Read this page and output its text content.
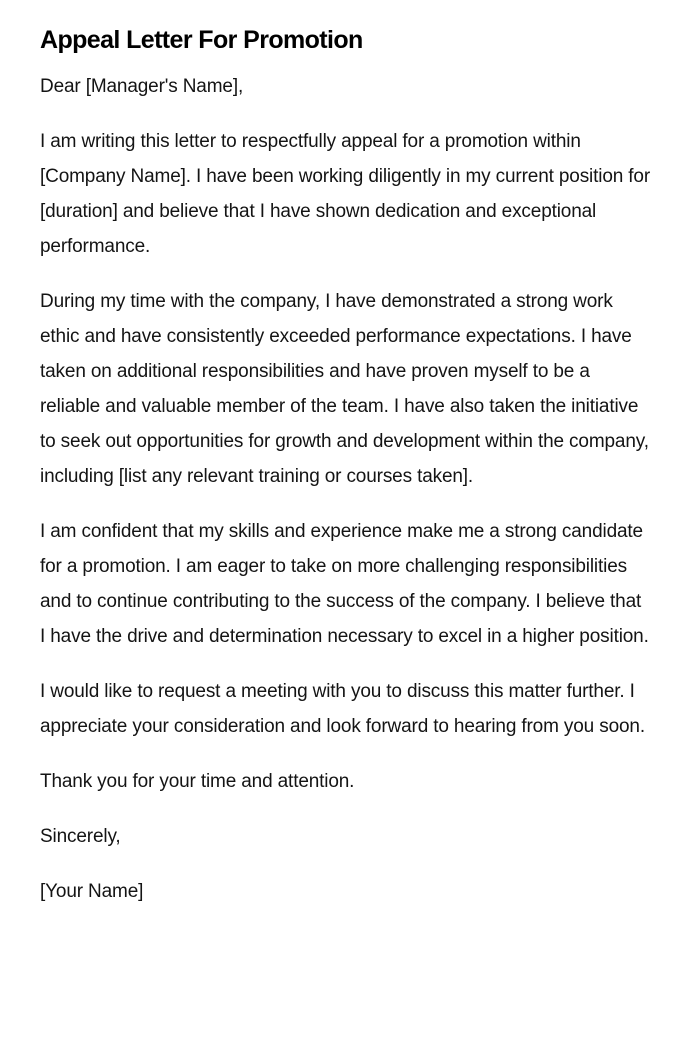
Appeal Letter For Promotion

Dear [Manager's Name],

I am writing this letter to respectfully appeal for a promotion within [Company Name]. I have been working diligently in my current position for [duration] and believe that I have shown dedication and exceptional performance.

During my time with the company, I have demonstrated a strong work ethic and have consistently exceeded performance expectations. I have taken on additional responsibilities and have proven myself to be a reliable and valuable member of the team. I have also taken the initiative to seek out opportunities for growth and development within the company, including [list any relevant training or courses taken].

I am confident that my skills and experience make me a strong candidate for a promotion. I am eager to take on more challenging responsibilities and to continue contributing to the success of the company. I believe that I have the drive and determination necessary to excel in a higher position.

I would like to request a meeting with you to discuss this matter further. I appreciate your consideration and look forward to hearing from you soon.

Thank you for your time and attention.

Sincerely,

[Your Name]
